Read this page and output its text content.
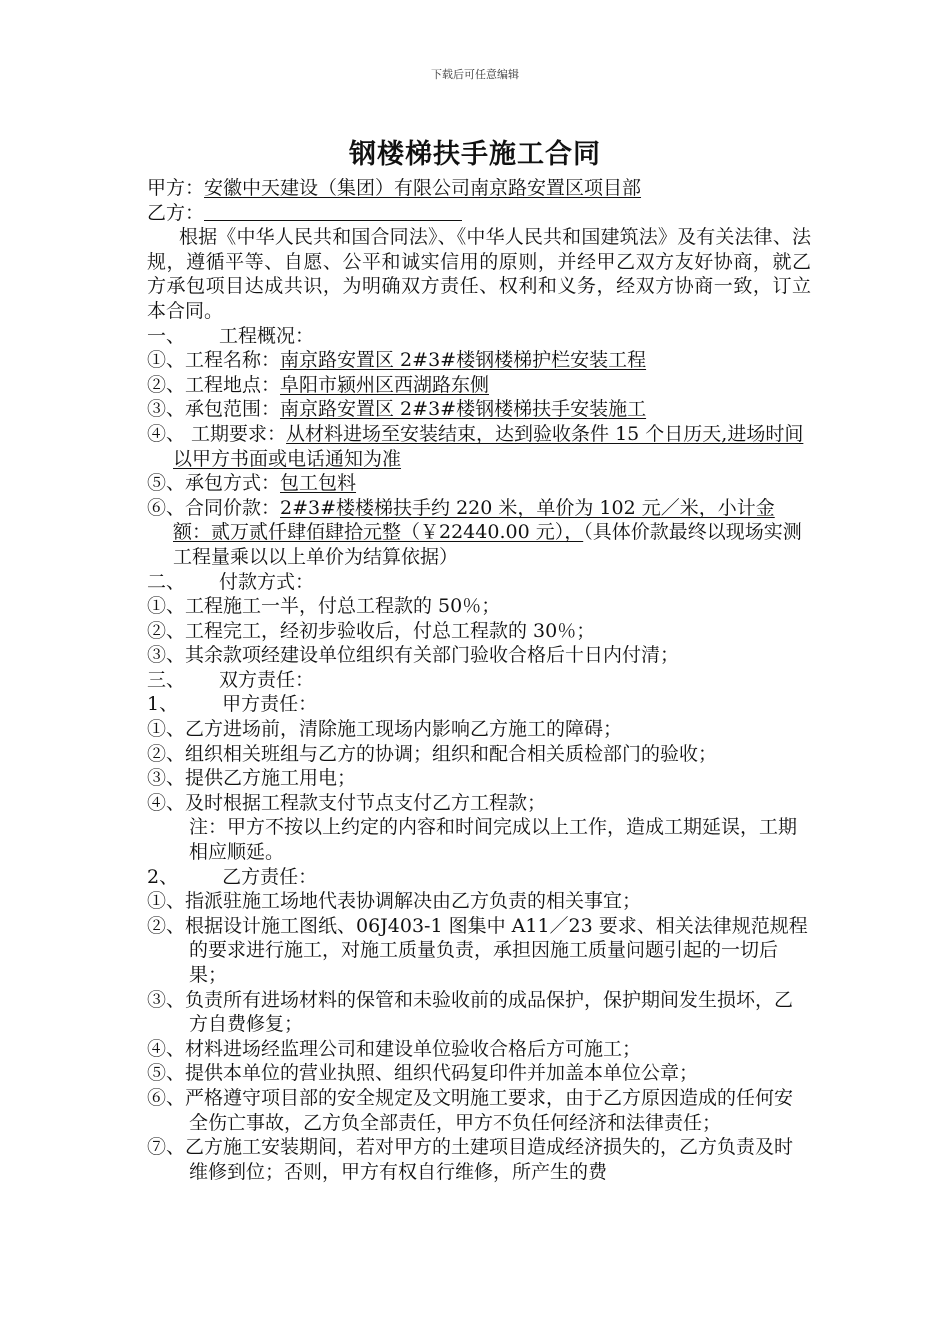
下载后可任意编辑
钢楼梯扶手施工合同
甲方：安徽中天建设（集团）有限公司南京路安置区项目部
乙方：
根据《中华人民共和国合同法》、《中华人民共和国建筑法》及有关法律、法规，遵循平等、自愿、公平和诚实信用的原则，并经甲乙双方友好协商，就乙方承包项目达成共识，为明确双方责任、权利和义务，经双方协商一致，订立本合同。
一、 工程概况：
①、工程名称：南京路安置区 2#3#楼钢楼梯护栏安装工程
②、工程地点：阜阳市颍州区西湖路东侧
③、承包范围：南京路安置区 2#3#楼钢楼梯扶手安装施工
④、 工期要求：从材料进场至安装结束，达到验收条件 15 个日历天,进场时间以甲方书面或电话通知为准
⑤、承包方式：包工包料
⑥、合同价款：2#3#楼楼梯扶手约 220 米，单价为 102 元／米，小计金额：贰万贰仟肆佰肆拾元整（￥22440.00 元），（具体价款最终以现场实测工程量乘以以上单价为结算依据）
二、 付款方式：
①、工程施工一半，付总工程款的 50％；
②、工程完工，经初步验收后，付总工程款的 30％；
③、其余款项经建设单位组织有关部门验收合格后十日内付清；
三、 双方责任：
1、 甲方责任：
①、乙方进场前，清除施工现场内影响乙方施工的障碍；
②、组织相关班组与乙方的协调；组织和配合相关质检部门的验收；
③、提供乙方施工用电；
④、及时根据工程款支付节点支付乙方工程款；
注：甲方不按以上约定的内容和时间完成以上工作，造成工期延误，工期相应顺延。
2、 乙方责任：
①、指派驻施工场地代表协调解决由乙方负责的相关事宜；
②、根据设计施工图纸、06J403-1 图集中 A11／23 要求、相关法律规范规程的要求进行施工，对施工质量负责，承担因施工质量问题引起的一切后果；
③、负责所有进场材料的保管和未验收前的成品保护，保护期间发生损坏，乙方自费修复；
④、材料进场经监理公司和建设单位验收合格后方可施工；
⑤、提供本单位的营业执照、组织代码复印件并加盖本单位公章；
⑥、严格遵守项目部的安全规定及文明施工要求，由于乙方原因造成的任何安全伤亡事故，乙方负全部责任，甲方不负任何经济和法律责任；
⑦、乙方施工安装期间，若对甲方的土建项目造成经济损失的，乙方负责及时维修到位；否则，甲方有权自行维修，所产生的费
